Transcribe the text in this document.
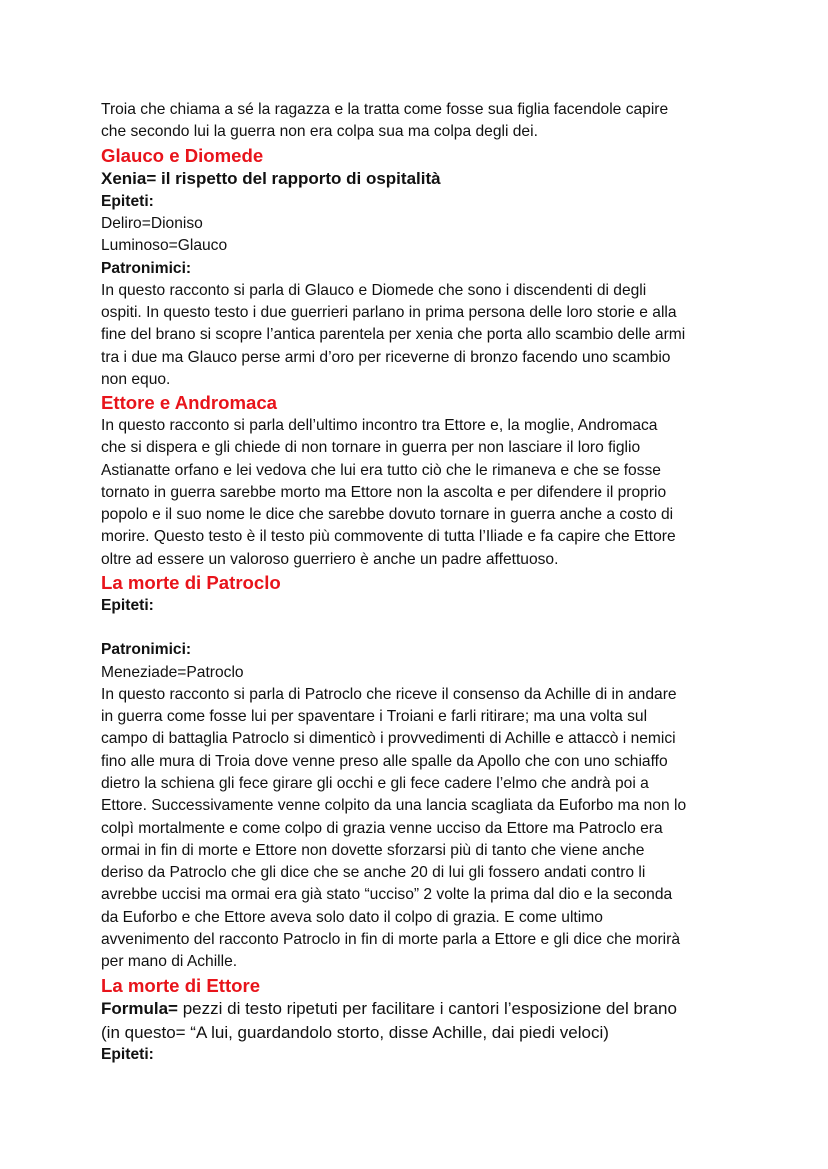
Troia che chiama a sé la ragazza e la tratta come fosse sua figlia facendole capire
che secondo lui la guerra non era colpa sua ma colpa degli dei.
Glauco e Diomede
Xenia= il rispetto del rapporto di ospitalità
Epiteti:
Deliro=Dioniso
Luminoso=Glauco
Patronimici:
In questo racconto si parla di Glauco e Diomede che sono i discendenti di degli
ospiti. In questo testo i due guerrieri parlano in prima persona delle loro storie e alla
fine del brano si scopre l’antica parentela per xenia che porta allo scambio delle armi
tra i due ma Glauco perse armi d’oro per riceverne di bronzo facendo uno scambio
non equo.
Ettore e Andromaca
In questo racconto si parla dell’ultimo incontro tra Ettore e, la moglie, Andromaca
che si dispera e gli chiede di non tornare in guerra per non lasciare il loro figlio
Astianatte orfano e lei vedova che lui era tutto ciò che le rimaneva e che se fosse
tornato in guerra sarebbe morto ma Ettore non la ascolta e per difendere il proprio
popolo e il suo nome le dice che sarebbe dovuto tornare in guerra anche a costo di
morire. Questo testo è il testo più commovente di tutta l’Iliade e fa capire che Ettore
oltre ad essere un valoroso guerriero è anche un padre affettuoso.
La morte di Patroclo
Epiteti:
Patronimici:
Meneziade=Patroclo
In questo racconto si parla di Patroclo che riceve il consenso da Achille di in andare
in guerra come fosse lui per spaventare i Troiani e farli ritirare; ma una volta sul
campo di battaglia Patroclo si dimenticò i provvedimenti di Achille e attaccò i nemici
fino alle mura di Troia dove venne preso alle spalle da Apollo che con uno schiaffo
dietro la schiena gli fece girare gli occhi e gli fece cadere l’elmo che andrà poi a
Ettore. Successivamente venne colpito da una lancia scagliata da Euforbo ma non lo
colpì mortalmente e come colpo di grazia venne ucciso da Ettore ma Patroclo era
ormai in fin di morte e Ettore non dovette sforzarsi più di tanto che viene anche
deriso da Patroclo che gli dice che se anche 20 di lui gli fossero andati contro li
avrebbe uccisi ma ormai era già stato “ucciso” 2 volte la prima dal dio e la seconda
da Euforbo e che Ettore aveva solo dato il colpo di grazia. E come ultimo
avvenimento del racconto Patroclo in fin di morte parla a Ettore e gli dice che morirà
per mano di Achille.
La morte di Ettore
Formula= pezzi di testo ripetuti per facilitare i cantori l’esposizione del brano
(in questo= “A lui, guardandolo storto, disse Achille, dai piedi veloci)
Epiteti:
